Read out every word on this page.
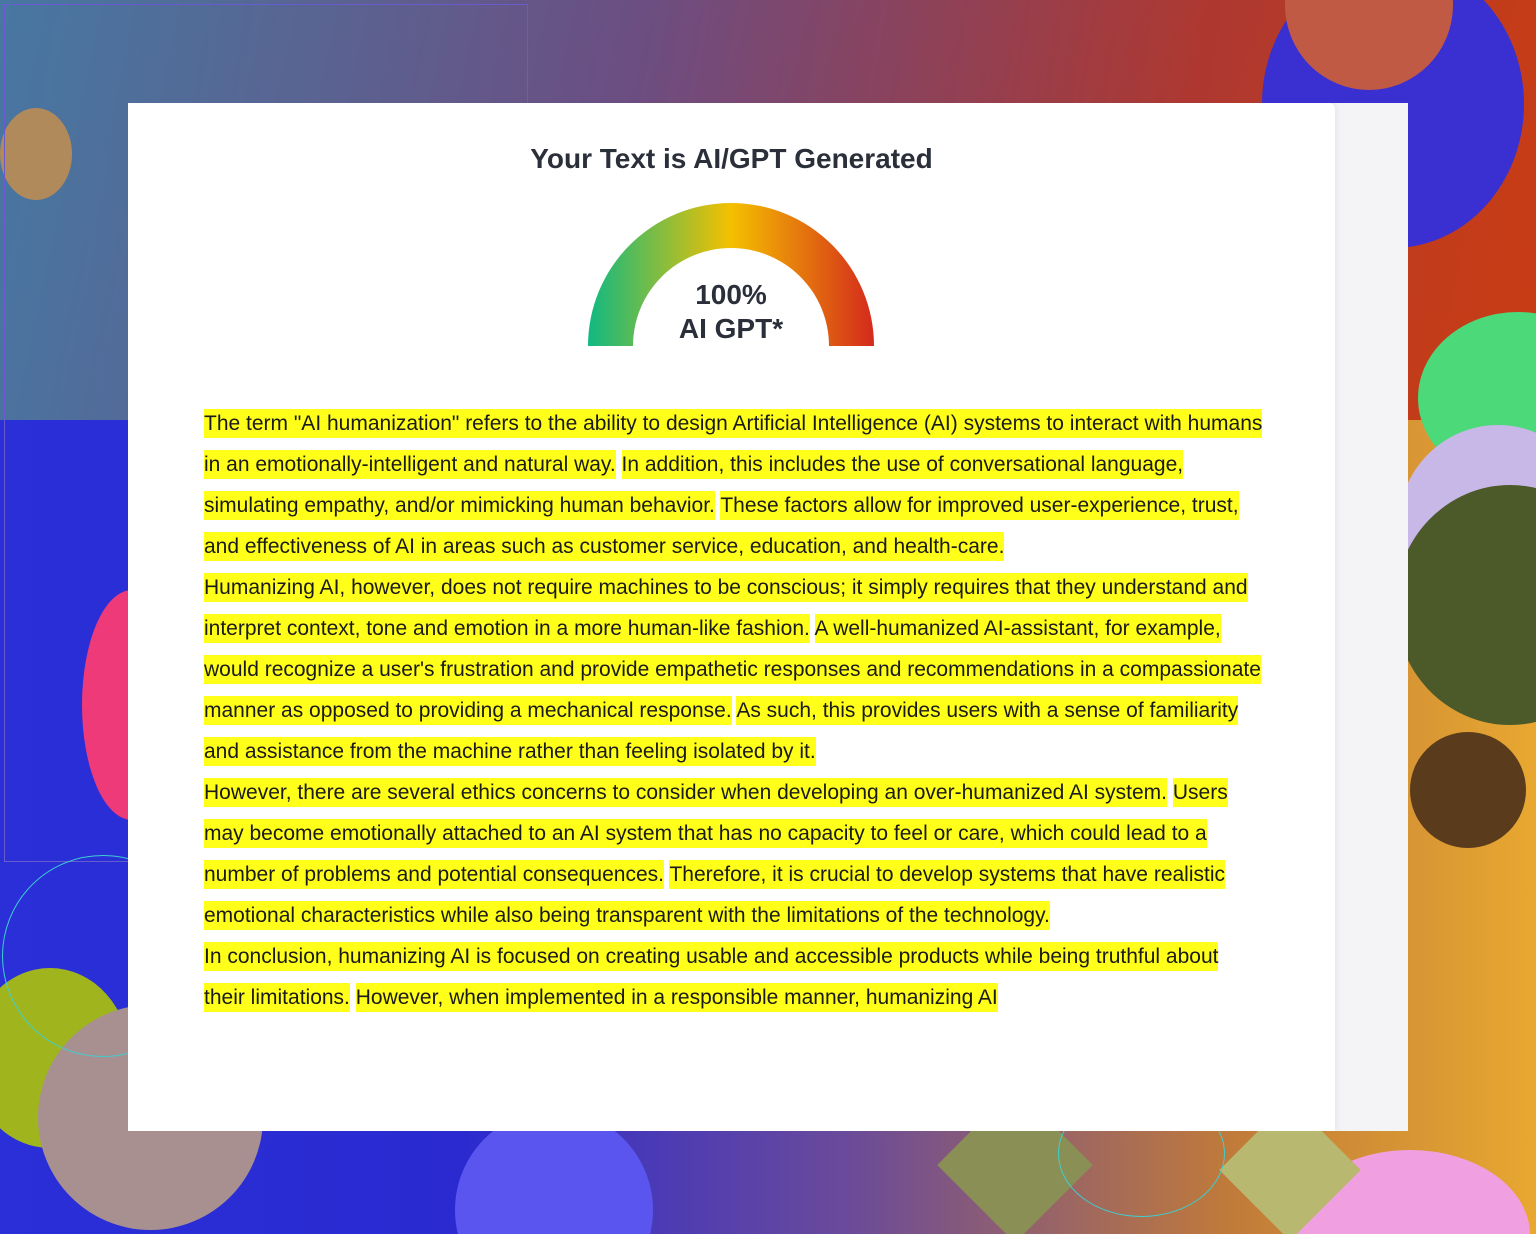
Your Text is AI/GPT Generated
100%
AI GPT*

The term "AI humanization" refers to the ability to design Artificial Intelligence (AI) systems to interact with humans in an emotionally-intelligent and natural way. In addition, this includes the use of conversational language, simulating empathy, and/or mimicking human behavior. These factors allow for improved user-experience, trust, and effectiveness of AI in areas such as customer service, education, and health-care.

Humanizing AI, however, does not require machines to be conscious; it simply requires that they understand and interpret context, tone and emotion in a more human-like fashion. A well-humanized AI-assistant, for example, would recognize a user's frustration and provide empathetic responses and recommendations in a compassionate manner as opposed to providing a mechanical response. As such, this provides users with a sense of familiarity and assistance from the machine rather than feeling isolated by it.

However, there are several ethics concerns to consider when developing an over-humanized AI system. Users may become emotionally attached to an AI system that has no capacity to feel or care, which could lead to a number of problems and potential consequences. Therefore, it is crucial to develop systems that have realistic emotional characteristics while also being transparent with the limitations of the technology.

In conclusion, humanizing AI is focused on creating usable and accessible products while being truthful about their limitations. However, when implemented in a responsible manner, humanizing AI
